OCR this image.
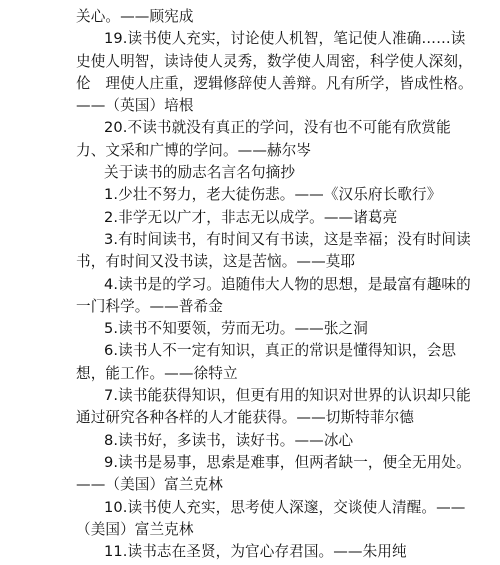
关心。——顾宪成

19.读书使人充实，讨论使人机智，笔记使人准确……读史使人明智，读诗使人灵秀，数学使人周密，科学使人深刻，伦　理使人庄重，逻辑修辞使人善辩。凡有所学，皆成性格。——（英国）培根

20.不读书就没有真正的学问，没有也不可能有欣赏能力、文采和广博的学问。——赫尔岑

关于读书的励志名言名句摘抄

1.少壮不努力，老大徒伤悲。——《汉乐府长歌行》

2.非学无以广才，非志无以成学。——诸葛亮

3.有时间读书，有时间又有书读，这是幸福；没有时间读书，有时间又没书读，这是苦恼。——莫耶

4.读书是的学习。追随伟大人物的思想，是最富有趣味的一门科学。——普希金

5.读书不知要领，劳而无功。——张之洞

6.读书人不一定有知识，真正的常识是懂得知识，会思想，能工作。——徐特立

7.读书能获得知识，但更有用的知识对世界的认识却只能通过研究各种各样的人才能获得。——切斯特菲尔德

8.读书好，多读书，读好书。——冰心

9.读书是易事，思索是难事，但两者缺一，便全无用处。——（美国）富兰克林

10.读书使人充实，思考使人深邃，交谈使人清醒。——（美国）富兰克林

11.读书志在圣贤，为官心存君国。——朱用纯
